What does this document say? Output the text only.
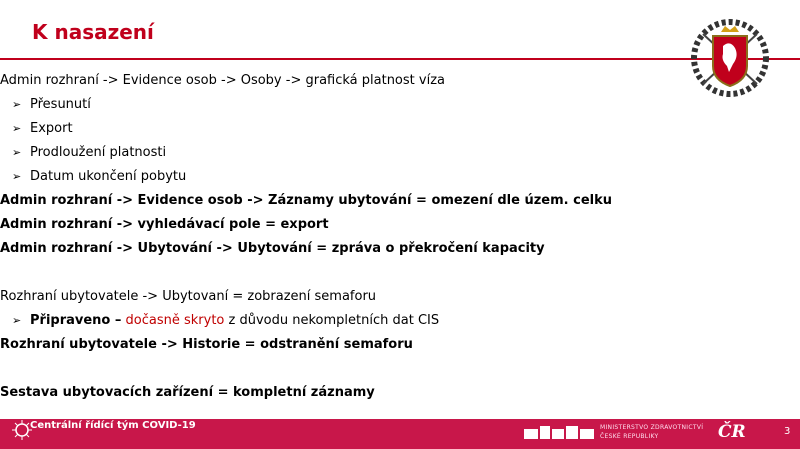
K nasazení
Admin rozhraní -> Evidence osob -> Osoby -> grafická platnost víza
➢ Přesunutí
➢ Export
➢ Prodloužení platnosti
➢ Datum ukončení pobytu
Admin rozhraní -> Evidence osob -> Záznamy ubytování = omezení dle územ. celku
Admin rozhraní -> vyhledávací pole = export
Admin rozhraní -> Ubytování -> Ubytování = zpráva o překročení kapacity
Rozhraní ubytovatele -> Ubytovaní = zobrazení semaforu
➢ Připraveno – dočasně skryto z důvodu nekompletních dat CIS
Rozhraní ubytovatele -> Historie = odstranění semaforu
Sestava ubytovacích zařízení = kompletní záznamy
Centrální řídící tým COVID-19	MINISTERSTVO ZDRAVOTNICTVÍ
ČESKÉ REPUBLIKY	ČR	3
